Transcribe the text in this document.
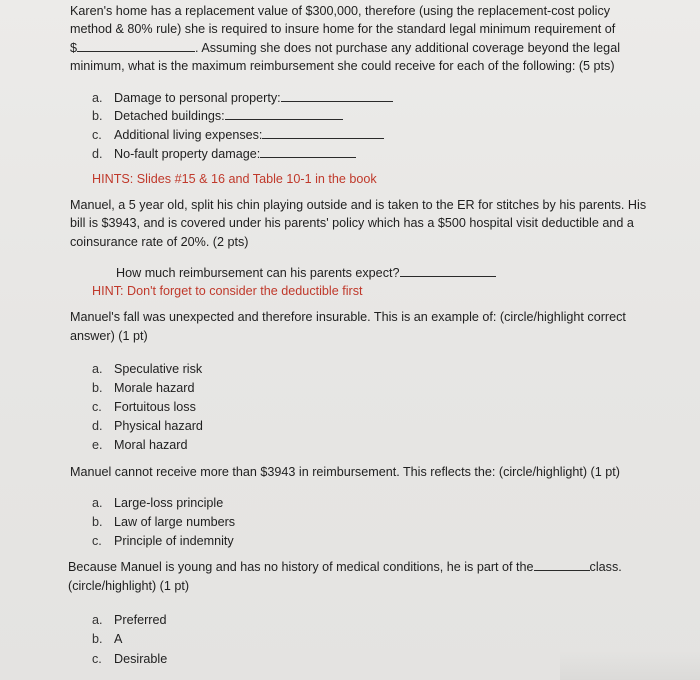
Karen's home has a replacement value of $300,000, therefore (using the replacement-cost policy
method & 80% rule) she is required to insure home for the standard legal minimum requirement of
$	. Assuming she does not purchase any additional coverage beyond the legal
minimum, what is the maximum reimbursement she could receive for each of the following: (5 pts)
a. Damage to personal property:
b. Detached buildings:
c. Additional living expenses:
d. No-fault property damage:
HINTS: Slides #15 & 16 and Table 10-1 in the book
Manuel, a 5 year old, split his chin playing outside and is taken to the ER for stitches by his parents. His
bill is $3943, and is covered under his parents' policy which has a $500 hospital visit deductible and a
coinsurance rate of 20%. (2 pts)
How much reimbursement can his parents expect?
HINT: Don't forget to consider the deductible first
Manuel's fall was unexpected and therefore insurable. This is an example of: (circle/highlight correct
answer) (1 pt)
a. Speculative risk
b. Morale hazard
c. Fortuitous loss
d. Physical hazard
e. Moral hazard
Manuel cannot receive more than $3943 in reimbursement. This reflects the: (circle/highlight) (1 pt)
a. Large-loss principle
b. Law of large numbers
c. Principle of indemnity
Because Manuel is young and has no history of medical conditions, he is part of the	class.
(circle/highlight) (1 pt)
a. Preferred
b. A
c. Desirable
